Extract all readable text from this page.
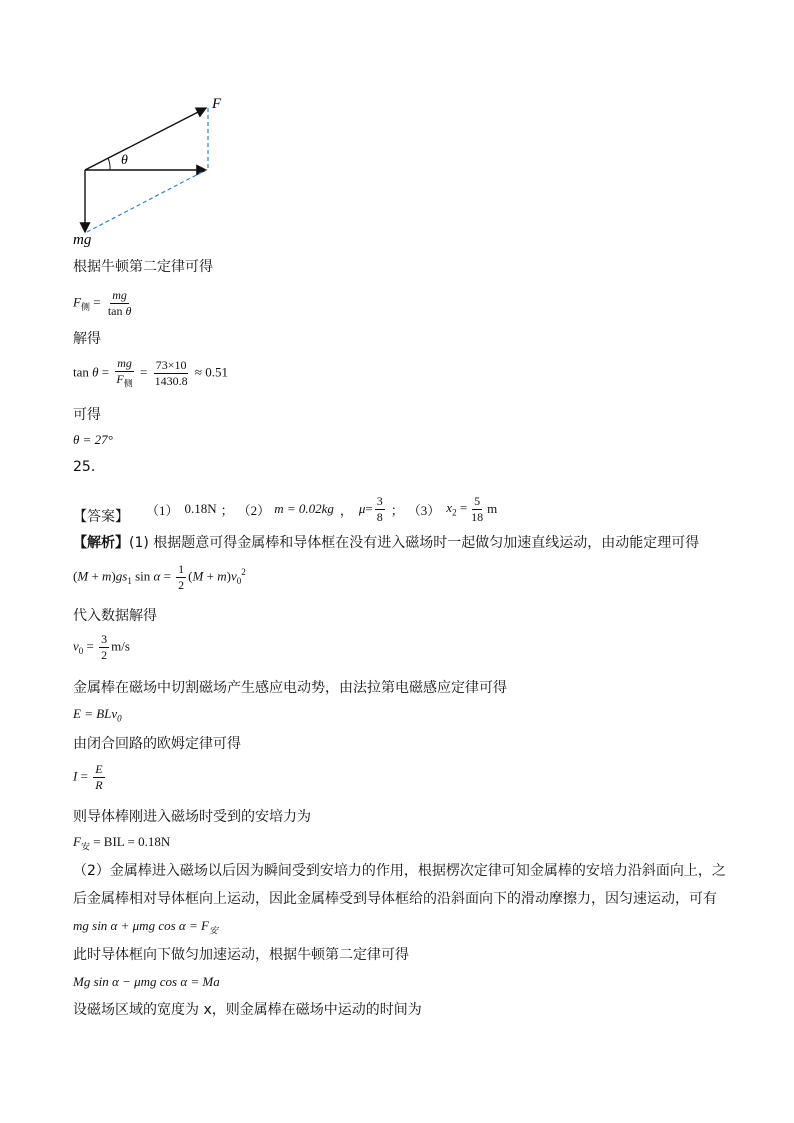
F
θ
mg
根据牛顿第二定律可得
$F_侧 = \frac{mg}{\text{tan θ}}$
解得
$\tan \theta = \frac{mg}{F_侧} = \frac{73\times 10}{1430.8} \approx 0.51$
可得
θ = 27°
25．
【答案】 （1） 0.18N ； （2） m = 0.02kg ， $\mu = \frac{3}{8}$ ； （3） $x_2 = \frac{5}{18}$ m
【解析】(1) 根据题意可得金属棒和导体框在没有进入磁场时一起做匀加速直线运动，由动能定理可得
$(M + m)gs_1$ $\sin \alpha = \frac{1}{2} (M + m)v_0^2$
代入数据解得
$v_0 = \frac{3}{2} m/s$
金属棒在磁场中切割磁场产生感应电动势，由法拉第电磁感应定律可得
E = BLv$_0$
由闭合回路的欧姆定律可得
$I = \frac{E}{R}$
则导体棒刚进入磁场时受到的安培力为
$F_安$ = BIL = 0.18N
（2）金属棒进入磁场以后因为瞬间受到安培力的作用，根据楞次定律可知金属棒的安培力沿斜面向上，之
后金属棒相对导体框向上运动，因此金属棒受到导体框给的沿斜面向下的滑动摩擦力，因匀速运动，可有
mg sin α + μmg $\cos \alpha = F_安$
此时导体框向下做匀加速运动，根据牛顿第二定律可得
Mg sin α − μmg cos α = Ma
设磁场区域的宽度为 x，则金属棒在磁场中运动的时间为
